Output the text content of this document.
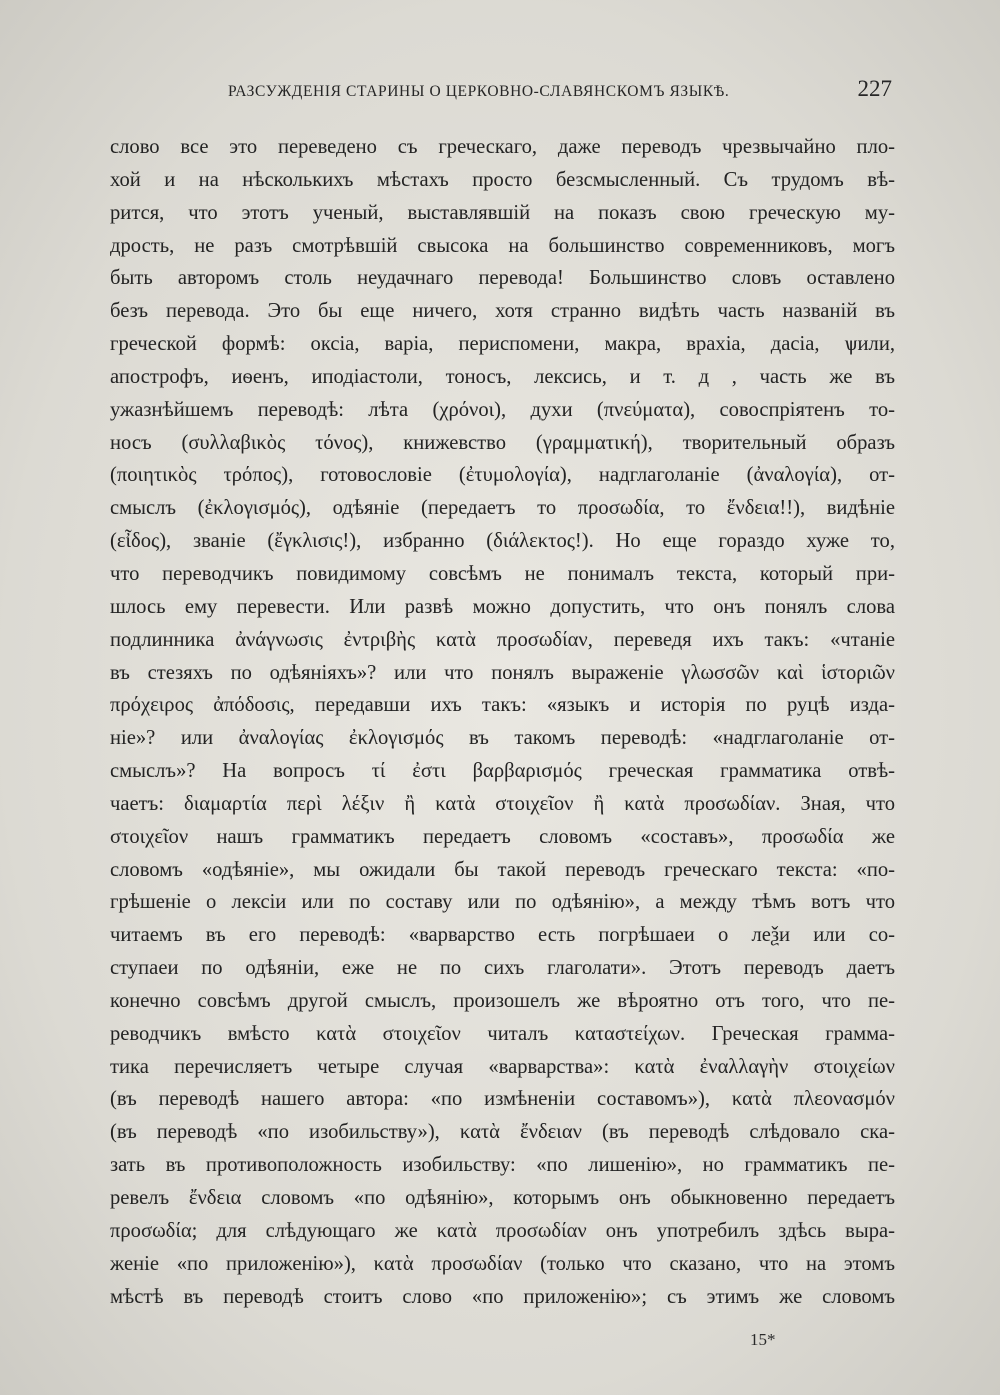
РАЗСУЖДЕНІЯ СТАРИНЫ О ЦЕРКОВНО-СЛАВЯНСКОМЪ ЯЗЫКѢ.	227
слово все это переведено съ греческаго, даже переводъ чрезвычайно пло-
хой и на нѣсколькихъ мѣстахъ просто безсмысленный. Съ трудомъ вѣ-
рится, что этотъ ученый, выставлявшій на показъ свою греческую му-
дрость, не разъ смотрѣвшій свысока на большинство современниковъ, могъ
быть авторомъ столь неудачнаго перевода! Большинство словъ оставлено
безъ перевода. Это бы еще ничего, хотя странно видѣть часть названій въ
греческой формѣ: оксіа, варіа, периспомени, макра, врахіа, дасіа, ѱили,
апострофъ, иѳенъ, иподіастоли, тоносъ, лексись, и т. д , часть же въ
ужазнѣйшемъ переводѣ: лѣта (χρόνοι), духи (πνεύματα), совоспріятенъ то-
носъ (συλλαβικὸς τόνος), книжевство (γραμματική), творительный образъ
(ποιητικὸς τρόπος), готовословіе (ἐτυμολογία), надглаголаніе (ἀναλογία), от-
смыслъ (ἐκλογισμός), одѣяніе (передаетъ то προσωδία, то ἔνδεια!!), видѣніе
(εἶδος), званіе (ἔγκλισις!), избранно (διάλεκτος!). Но еще гораздо хуже то,
что переводчикъ повидимому совсѣмъ не понималъ текста, который при-
шлось ему перевести. Или развѣ можно допустить, что онъ понялъ слова
подлинника ἀνάγνωσις ἐντριβὴς κατὰ προσωδίαν, переведя ихъ такъ: «чтаніе
въ стезяхъ по одѣяніяхъ»? или что понялъ выраженіе γλωσσῶν καὶ ἱστοριῶν
πρόχειρος ἀπόδοσις, передавши ихъ такъ: «языкъ и исторія по руцѣ изда-
ніе»? или ἀναλογίας ἐκλογισμός въ такомъ переводѣ: «надглаголаніе от-
смыслъ»? На вопросъ τί ἐστι βαρβαρισμός греческая грамматика отвѣ-
чаетъ: διαμαρτία περὶ λέξιν ἢ κατὰ στοιχεῖον ἢ κατὰ προσωδίαν. Зная, что
στοιχεῖον нашъ грамматикъ передаетъ словомъ «составъ», προσωδία же
словомъ «одѣяніе», мы ожидали бы такой переводъ греческаго текста: «по-
грѣшеніе о лексіи или по составу или по одѣянію», а между тѣмъ вотъ что
читаемъ въ его переводѣ: «варварство есть погрѣшаеи о лeѯи или со-
ступаеи по одѣяніи, еже не по сихъ глаголати». Этотъ переводъ даетъ
конечно совсѣмъ другой смыслъ, произошелъ же вѣроятно отъ того, что пе-
реводчикъ вмѣсто κατὰ στοιχεῖον читалъ καταστείχων. Греческая грамма-
тика перечисляетъ четыре случая «варварства»: κατὰ ἐναλλαγὴν στοιχείων
(въ переводѣ нашего автора: «по измѣненіи составомъ»), κατὰ πλεονασμόν
(въ переводѣ «по изобильству»), κατὰ ἔνδειαν (въ переводѣ слѣдовало ска-
зать въ противоположность изобильству: «по лишенію», но грамматикъ пе-
ревелъ ἔνδεια словомъ «по одѣянію», которымъ онъ обыкновенно передаетъ
προσωδία; для слѣдующаго же κατὰ προσωδίαν онъ употребилъ здѣсь выра-
женіе «по приложенію»), κατὰ προσωδίαν (только что сказано, что на этомъ
мѣстѣ въ переводѣ стоитъ слово «по приложенію»; съ этимъ же словомъ
15*
